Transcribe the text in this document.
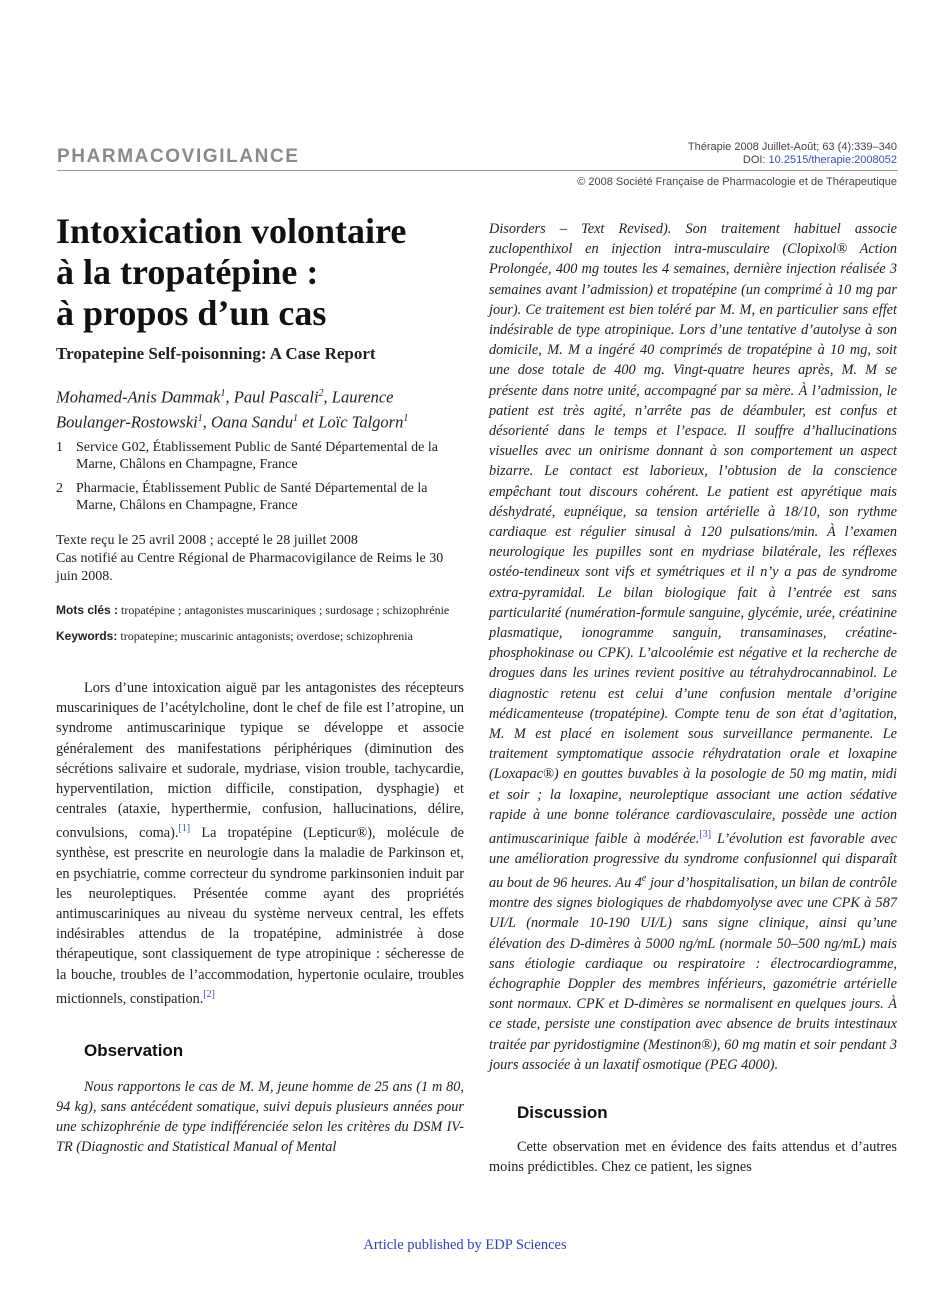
PHARMACOVIGILANCE	Thérapie 2008 Juillet-Août; 63 (4):339–340
DOI: 10.2515/therapie:2008052
© 2008 Société Française de Pharmacologie et de Thérapeutique
Intoxication volontaire
à la tropatépine :
à propos d’un cas
Tropatepine Self-poisonning: A Case Report
Mohamed-Anis Dammak$^1$, Paul Pascali$^2$, Laurence Boulanger-Rostowski$^1$, Oana Sandu$^1$ et Loïc Talgorn$^1$
1 Service G02, Établissement Public de Santé Départemental de la Marne, Châlons en Champagne, France
2 Pharmacie, Établissement Public de Santé Départemental de la Marne, Châlons en Champagne, France
Texte reçu le 25 avril 2008 ; accepté le 28 juillet 2008
Cas notifié au Centre Régional de Pharmacovigilance de Reims le 30 juin 2008.
Mots clés : tropatépine ; antagonistes muscariniques ; surdosage ; schizophrénie
Keywords: tropatepine; muscarinic antagonists; overdose; schizophrenia

Lors d’une intoxication aiguë par les antagonistes des récepteurs muscariniques de l’acétylcholine, dont le chef de file est l’atropine, un syndrome antimuscarinique typique se développe et associe généralement des manifestations périphériques (diminution des sécrétions salivaire et sudorale, mydriase, vision trouble, tachycardie, hyperventilation, miction difficile, constipation, dysphagie) et centrales (ataxie, hyperthermie, confusion, hallucinations, délire, convulsions, coma).[1] La tropatépine (Lepticur®), molécule de synthèse, est prescrite en neurologie dans la maladie de Parkinson et, en psychiatrie, comme correcteur du syndrome parkinsonien induit par les neuroleptiques. Présentée comme ayant des propriétés antimuscariniques au niveau du système nerveux central, les effets indésirables attendus de la tropatépine, administrée à dose thérapeutique, sont classiquement de type atropinique : sécheresse de la bouche, troubles de l’accommodation, hypertonie oculaire, troubles mictionnels, constipation.[2]

Observation

Nous rapportons le cas de M. M, jeune homme de 25 ans (1 m 80, 94 kg), sans antécédent somatique, suivi depuis plusieurs années pour une schizophrénie de type indifférenciée selon les critères du DSM IV-TR (Diagnostic and Statistical Manual of Mental

Disorders – Text Revised). Son traitement habituel associe zuclopenthixol en injection intra-musculaire (Clopixol® Action Prolongée, 400 mg toutes les 4 semaines, dernière injection réalisée 3 semaines avant l’admission) et tropatépine (un comprimé à 10 mg par jour). Ce traitement est bien toléré par M. M, en particulier sans effet indésirable de type atropinique. Lors d’une tentative d’autolyse à son domicile, M. M a ingéré 40 comprimés de tropatépine à 10 mg, soit une dose totale de 400 mg. Vingt-quatre heures après, M. M se présente dans notre unité, accompagné par sa mère. À l’admission, le patient est très agité, n’arrête pas de déambuler, est confus et désorienté dans le temps et l’espace. Il souffre d’hallucinations visuelles avec un onirisme donnant à son comportement un aspect bizarre. Le contact est laborieux, l’obtusion de la conscience empêchant tout discours cohérent. Le patient est apyrétique mais déshydraté, eupnéique, sa tension artérielle à 18/10, son rythme cardiaque est régulier sinusal à 120 pulsations/min. À l’examen neurologique les pupilles sont en mydriase bilatérale, les réflexes ostéo-tendineux sont vifs et symétriques et il n’y a pas de syndrome extra-pyramidal. Le bilan biologique fait à l’entrée est sans particularité (numération-formule sanguine, glycémie, urée, créatinine plasmatique, ionogramme sanguin, transaminases, créatine-phosphokinase ou CPK). L’alcoolémie est négative et la recherche de drogues dans les urines revient positive au tétrahydrocannabinol. Le diagnostic retenu est celui d’une confusion mentale d’origine médicamenteuse (tropatépine). Compte tenu de son état d’agitation, M. M est placé en isolement sous surveillance permanente. Le traitement symptomatique associe réhydratation orale et loxapine (Loxapac®) en gouttes buvables à la posologie de 50 mg matin, midi et soir ; la loxapine, neuroleptique associant une action sédative rapide à une bonne tolérance cardiovasculaire, possède une action antimuscarinique faible à modérée.[3] L’évolution est favorable avec une amélioration progressive du syndrome confusionnel qui disparaît au bout de 96 heures. Au 4e jour d’hospitalisation, un bilan de contrôle montre des signes biologiques de rhabdomyolyse avec une CPK à 587 UI/L (normale 10-190 UI/L) sans signe clinique, ainsi qu’une élévation des D-dimères à 5000 ng/mL (normale 50–500 ng/mL) mais sans étiologie cardiaque ou respiratoire : électrocardiogramme, échographie Doppler des membres inférieurs, gazométrie artérielle sont normaux. CPK et D-dimères se normalisent en quelques jours. À ce stade, persiste une constipation avec absence de bruits intestinaux traitée par pyridostigmine (Mestinon®), 60 mg matin et soir pendant 3 jours associée à un laxatif osmotique (PEG 4000).

Discussion

Cette observation met en évidence des faits attendus et d’autres moins prédictibles. Chez ce patient, les signes

Article published by EDP Sciences
